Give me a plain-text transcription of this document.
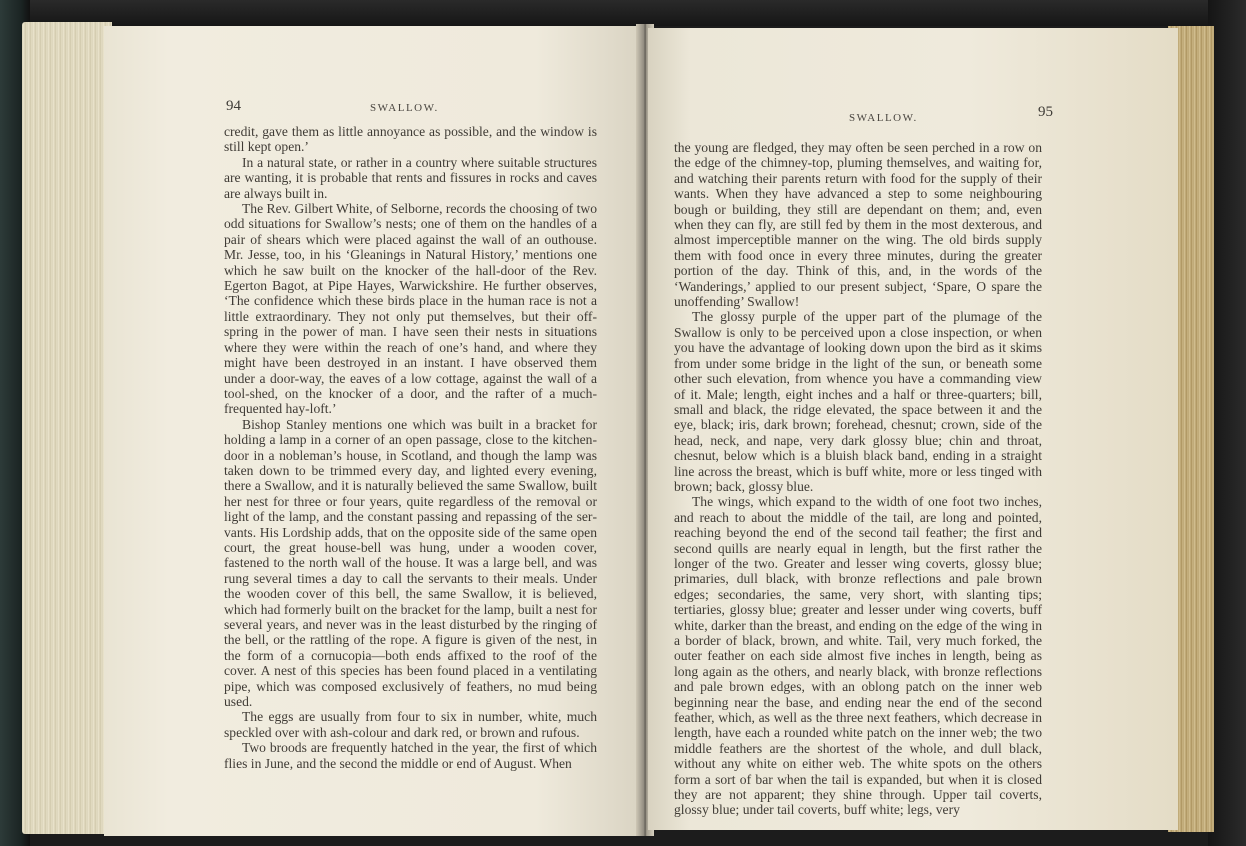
94	SWALLOW.

credit, gave them as little annoyance as possible, and the window is still kept open.’

In a natural state, or rather in a country where suitable structures are wanting, it is probable that rents and fissures in rocks and caves are always built in.

The Rev. Gilbert White, of Selborne, records the choosing of two odd situations for Swallow’s nests; one of them on the handles of a pair of shears which were placed against the wall of an outhouse. Mr. Jesse, too, in his ‘Gleanings in Natural History,’ mentions one which he saw built on the knocker of the hall-door of the Rev. Egerton Bagot, at Pipe Hayes, Warwickshire. He further observes, ‘The confidence which these birds place in the human race is not a little extraordinary. They not only put themselves, but their offspring in the power of man. I have seen their nests in situations where they were within the reach of one’s hand, and where they might have been destroyed in an instant. I have observed them under a door-way, the eaves of a low cottage, against the wall of a tool-shed, on the knocker of a door, and the rafter of a much-frequented hay-loft.’

Bishop Stanley mentions one which was built in a bracket for holding a lamp in a corner of an open passage, close to the kitchen-door in a nobleman’s house, in Scotland, and though the lamp was taken down to be trimmed every day, and lighted every evening, there a Swallow, and it is naturally believed the same Swallow, built her nest for three or four years, quite regardless of the removal or light of the lamp, and the constant passing and repassing of the servants. His Lordship adds, that on the opposite side of the same open court, the great house-bell was hung, under a wooden cover, fastened to the north wall of the house. It was a large bell, and was rung several times a day to call the servants to their meals. Under the wooden cover of this bell, the same Swallow, it is believed, which had formerly built on the bracket for the lamp, built a nest for several years, and never was in the least disturbed by the ringing of the bell, or the rattling of the rope. A figure is given of the nest, in the form of a cornucopia—both ends affixed to the roof of the cover. A nest of this species has been found placed in a ventilating pipe, which was composed exclusively of feathers, no mud being used.

The eggs are usually from four to six in number, white, much speckled over with ash-colour and dark red, or brown and rufous.

Two broods are frequently hatched in the year, the first of which flies in June, and the second the middle or end of August. When

SWALLOW.	95

the young are fledged, they may often be seen perched in a row on the edge of the chimney-top, pluming themselves, and waiting for, and watching their parents return with food for the supply of their wants. When they have advanced a step to some neighbouring bough or building, they still are dependant on them; and, even when they can fly, are still fed by them in the most dexterous, and almost imperceptible manner on the wing. The old birds supply them with food once in every three minutes, during the greater portion of the day. Think of this, and, in the words of the ‘Wanderings,’ applied to our present subject, ‘Spare, O spare the unoffending’ Swallow!

The glossy purple of the upper part of the plumage of the Swallow is only to be perceived upon a close inspection, or when you have the advantage of looking down upon the bird as it skims from under some bridge in the light of the sun, or beneath some other such elevation, from whence you have a commanding view of it. Male; length, eight inches and a half or three-quarters; bill, small and black, the ridge elevated, the space between it and the eye, black; iris, dark brown; forehead, chesnut; crown, side of the head, neck, and nape, very dark glossy blue; chin and throat, chesnut, below which is a bluish black band, ending in a straight line across the breast, which is buff white, more or less tinged with brown; back, glossy blue.

The wings, which expand to the width of one foot two inches, and reach to about the middle of the tail, are long and pointed, reaching beyond the end of the second tail feather; the first and second quills are nearly equal in length, but the first rather the longer of the two. Greater and lesser wing coverts, glossy blue; primaries, dull black, with bronze reflections and pale brown edges; secondaries, the same, very short, with slanting tips; tertiaries, glossy blue; greater and lesser under wing coverts, buff white, darker than the breast, and ending on the edge of the wing in a border of black, brown, and white. Tail, very much forked, the outer feather on each side almost five inches in length, being as long again as the others, and nearly black, with bronze reflections and pale brown edges, with an oblong patch on the inner web beginning near the base, and ending near the end of the second feather, which, as well as the three next feathers, which decrease in length, have each a rounded white patch on the inner web; the two middle feathers are the shortest of the whole, and dull black, without any white on either web. The white spots on the others form a sort of bar when the tail is expanded, but when it is closed they are not apparent; they shine through. Upper tail coverts, glossy blue; under tail coverts, buff white; legs, very
